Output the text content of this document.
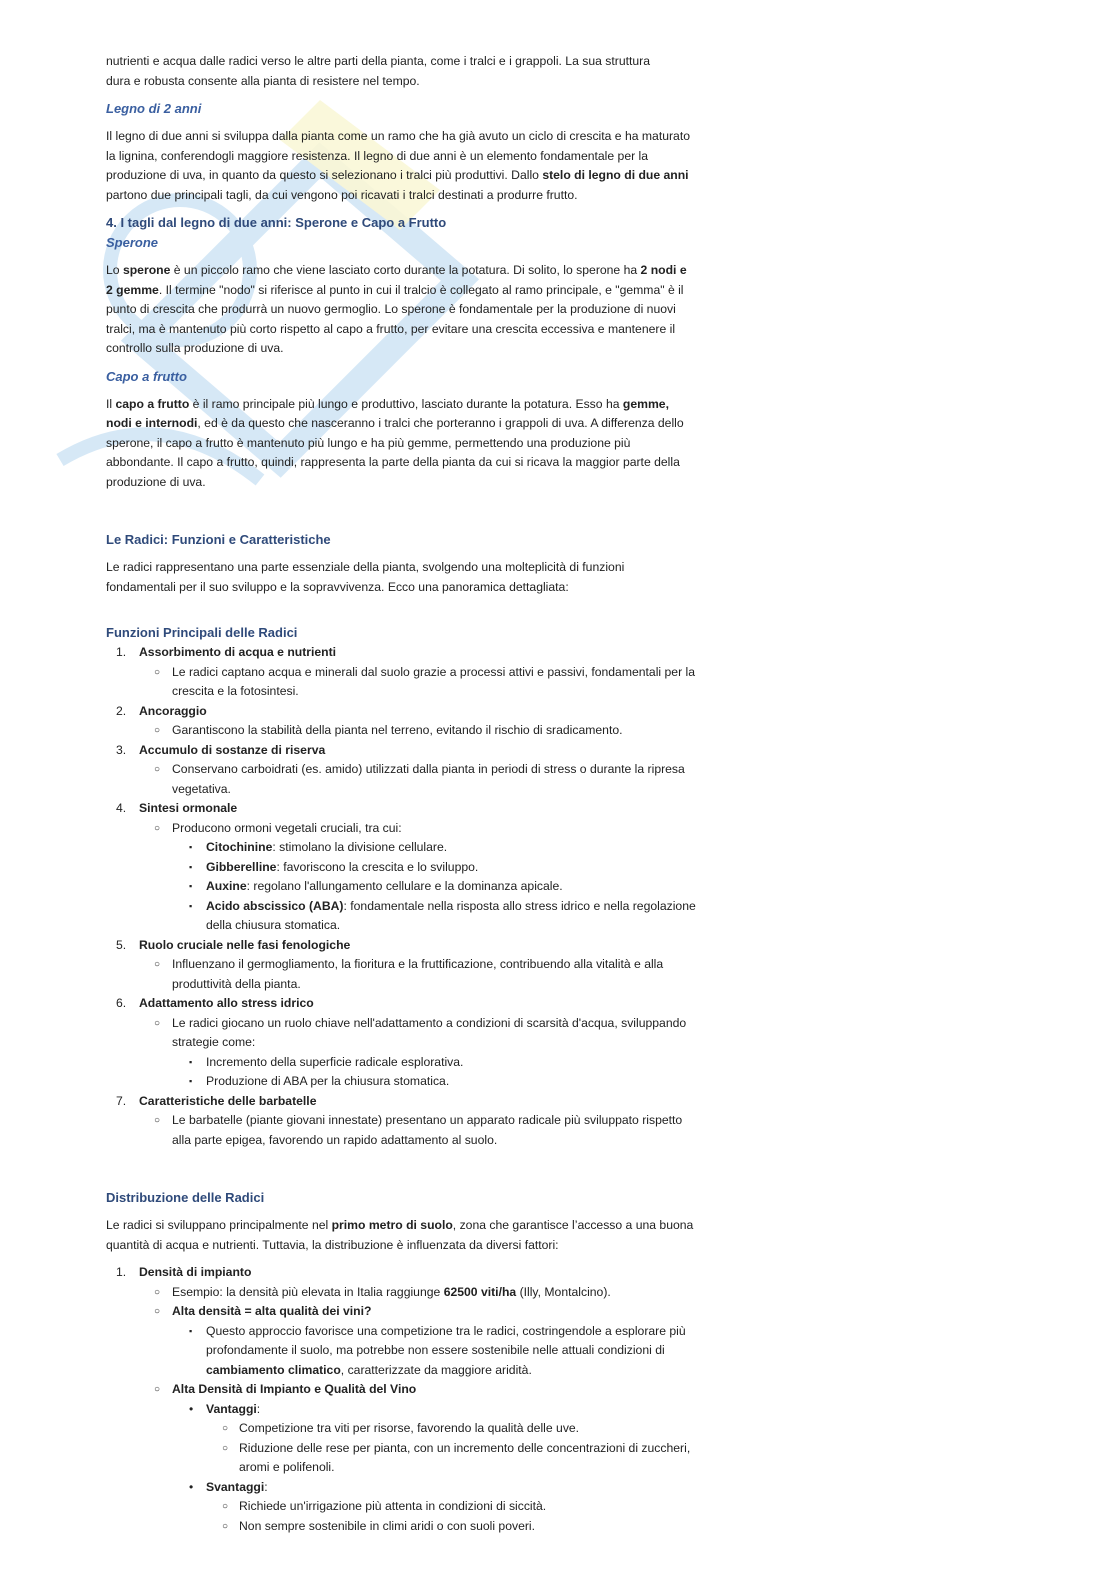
nutrienti e acqua dalle radici verso le altre parti della pianta, come i tralci e i grappoli. La sua struttura
dura e robusta consente alla pianta di resistere nel tempo.

Legno di 2 anni

Il legno di due anni si sviluppa dalla pianta come un ramo che ha già avuto un ciclo di crescita e ha maturato la lignina, conferendogli maggiore resistenza. Il legno di due anni è un elemento fondamentale per la produzione di uva, in quanto da questo si selezionano i tralci più produttivi. Dallo stelo di legno di due anni partono due principali tagli, da cui vengono poi ricavati i tralci destinati a produrre frutto.

4. I tagli dal legno di due anni: Sperone e Capo a Frutto
Sperone

Lo sperone è un piccolo ramo che viene lasciato corto durante la potatura. Di solito, lo sperone ha 2 nodi e 2 gemme. Il termine "nodo" si riferisce al punto in cui il tralcio è collegato al ramo principale, e "gemma" è il punto di crescita che produrrà un nuovo germoglio. Lo sperone è fondamentale per la produzione di nuovi tralci, ma è mantenuto più corto rispetto al capo a frutto, per evitare una crescita eccessiva e mantenere il controllo sulla produzione di uva.

Capo a frutto

Il capo a frutto è il ramo principale più lungo e produttivo, lasciato durante la potatura. Esso ha gemme, nodi e internodi, ed è da questo che nasceranno i tralci che porteranno i grappoli di uva. A differenza dello sperone, il capo a frutto è mantenuto più lungo e ha più gemme, permettendo una produzione più abbondante. Il capo a frutto, quindi, rappresenta la parte della pianta da cui si ricava la maggior parte della produzione di uva.

Le Radici: Funzioni e Caratteristiche

Le radici rappresentano una parte essenziale della pianta, svolgendo una molteplicità di funzioni fondamentali per il suo sviluppo e la sopravvivenza. Ecco una panoramica dettagliata:

Funzioni Principali delle Radici
1. Assorbimento di acqua e nutrienti
○ Le radici captano acqua e minerali dal suolo grazie a processi attivi e passivi, fondamentali per la crescita e la fotosintesi.
2. Ancoraggio
○ Garantiscono la stabilità della pianta nel terreno, evitando il rischio di sradicamento.
3. Accumulo di sostanze di riserva
○ Conservano carboidrati (es. amido) utilizzati dalla pianta in periodi di stress o durante la ripresa vegetativa.
4. Sintesi ormonale
○ Producono ormoni vegetali cruciali, tra cui:
▪ Citochinine: stimolano la divisione cellulare.
▪ Gibberelline: favoriscono la crescita e lo sviluppo.
▪ Auxine: regolano l'allungamento cellulare e la dominanza apicale.
▪ Acido abscissico (ABA): fondamentale nella risposta allo stress idrico e nella regolazione della chiusura stomatica.
5. Ruolo cruciale nelle fasi fenologiche
○ Influenzano il germogliamento, la fioritura e la fruttificazione, contribuendo alla vitalità e alla produttività della pianta.
6. Adattamento allo stress idrico
○ Le radici giocano un ruolo chiave nell'adattamento a condizioni di scarsità d'acqua, sviluppando strategie come:
▪ Incremento della superficie radicale esplorativa.
▪ Produzione di ABA per la chiusura stomatica.
7. Caratteristiche delle barbatelle
○ Le barbatelle (piante giovani innestate) presentano un apparato radicale più sviluppato rispetto alla parte epigea, favorendo un rapido adattamento al suolo.
Distribuzione delle Radici

Le radici si sviluppano principalmente nel primo metro di suolo, zona che garantisce l’accesso a una buona quantità di acqua e nutrienti. Tuttavia, la distribuzione è influenzata da diversi fattori:

1. Densità di impianto
○ Esempio: la densità più elevata in Italia raggiunge 62500 viti/ha (Illy, Montalcino).
○ Alta densità = alta qualità dei vini?
▪ Questo approccio favorisce una competizione tra le radici, costringendole a esplorare più profondamente il suolo, ma potrebbe non essere sostenibile nelle attuali condizioni di cambiamento climatico, caratterizzate da maggiore aridità.
○ Alta Densità di Impianto e Qualità del Vino
• Vantaggi:
○ Competizione tra viti per risorse, favorendo la qualità delle uve.
○ Riduzione delle rese per pianta, con un incremento delle concentrazioni di zuccheri, aromi e polifenoli.
• Svantaggi:
○ Richiede un'irrigazione più attenta in condizioni di siccità.
○ Non sempre sostenibile in climi aridi o con suoli poveri.
